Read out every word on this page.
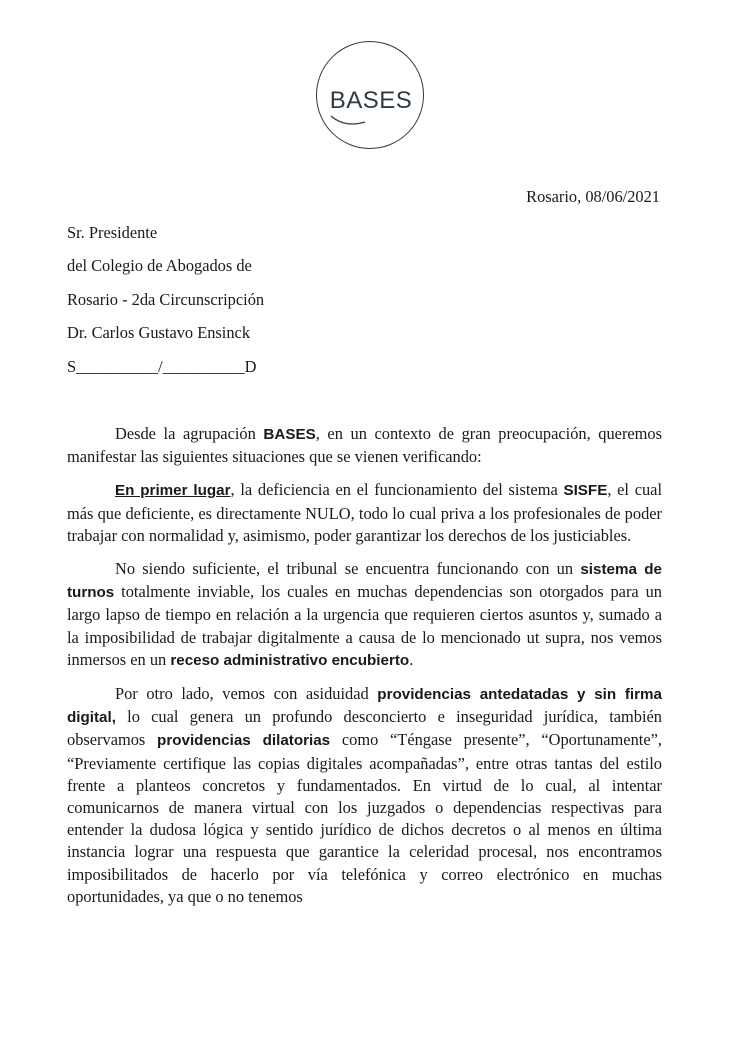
BASES

Rosario, 08/06/2021

Sr. Presidente

del Colegio de Abogados de

Rosario - 2da Circunscripción

Dr. Carlos Gustavo Ensinck

S__________/__________D

Desde la agrupación BASES, en un contexto de gran preocupación, queremos manifestar las siguientes situaciones que se vienen verificando:

En primer lugar, la deficiencia en el funcionamiento del sistema SISFE, el cual más que deficiente, es directamente NULO, todo lo cual priva a los profesionales de poder trabajar con normalidad y, asimismo, poder garantizar los derechos de los justiciables.

No siendo suficiente, el tribunal se encuentra funcionando con un sistema de turnos totalmente inviable, los cuales en muchas dependencias son otorgados para un largo lapso de tiempo en relación a la urgencia que requieren ciertos asuntos y, sumado a la imposibilidad de trabajar digitalmente a causa de lo mencionado ut supra, nos vemos inmersos en un receso administrativo encubierto.

Por otro lado, vemos con asiduidad providencias antedatadas y sin firma digital, lo cual genera un profundo desconcierto e inseguridad jurídica, también observamos providencias dilatorias como “Téngase presente”, “Oportunamente”, “Previamente certifique las copias digitales acompañadas”, entre otras tantas del estilo frente a planteos concretos y fundamentados. En virtud de lo cual, al intentar comunicarnos de manera virtual con los juzgados o dependencias respectivas para entender la dudosa lógica y sentido jurídico de dichos decretos o al menos en última instancia lograr una respuesta que garantice la celeridad procesal, nos encontramos imposibilitados de hacerlo por vía telefónica y correo electrónico en muchas oportunidades, ya que o no tenemos
